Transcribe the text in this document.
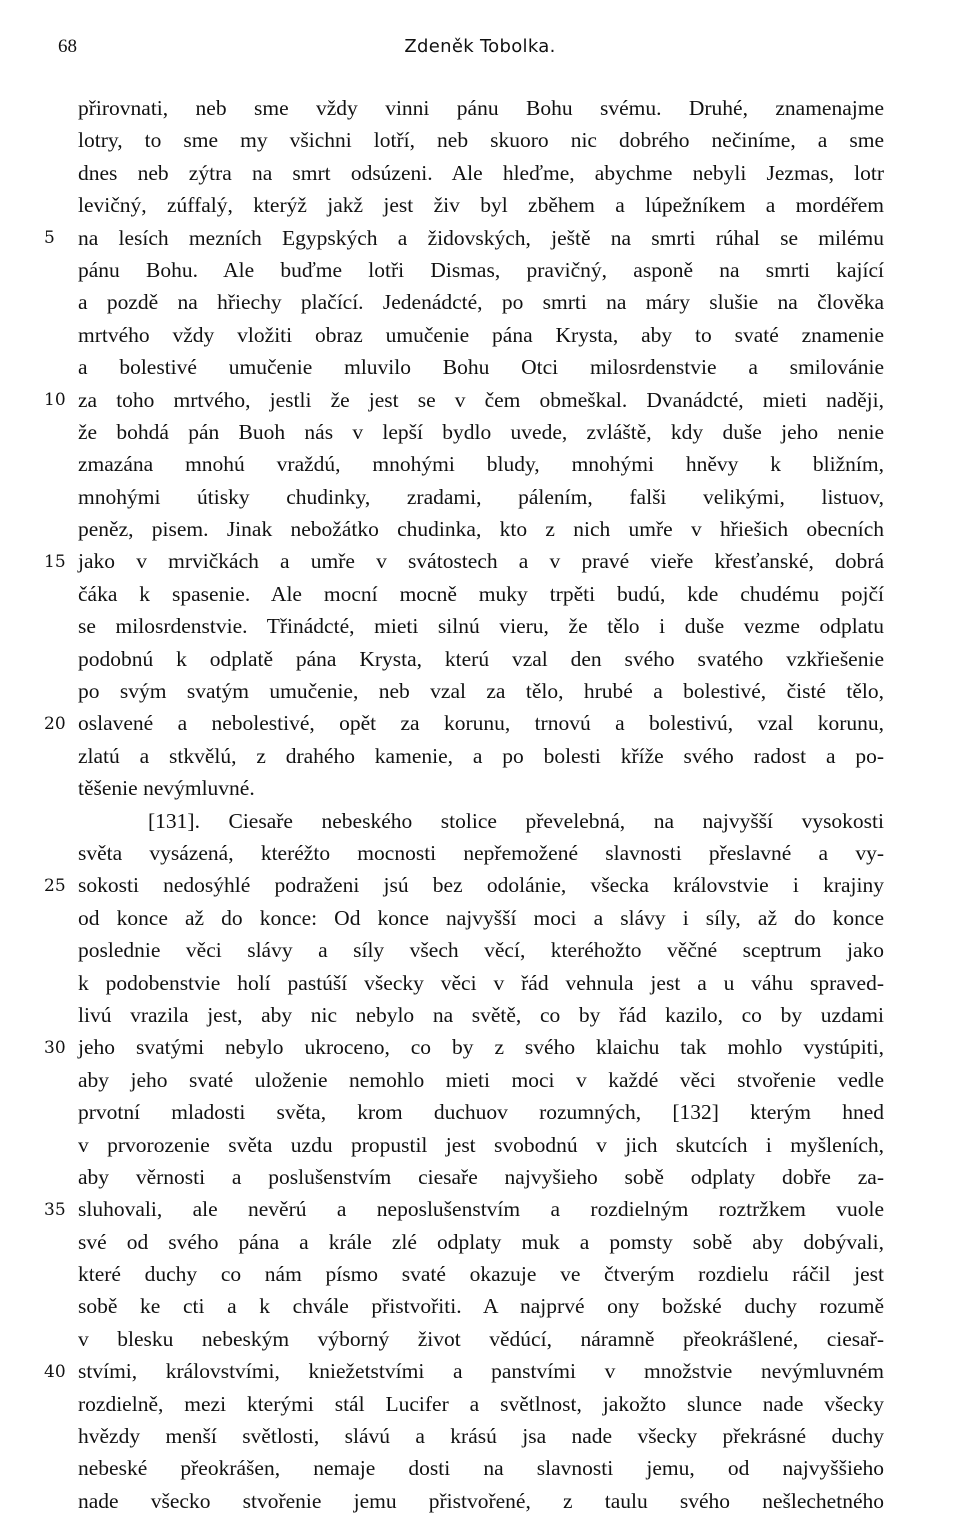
68	Zdeněk Tobolka.
přirovnati, neb sme vždy vinni pánu Bohu svému. Druhé, znamenajme
lotry, to sme my všichni lotří, neb skuoro nic dobrého nečiníme, a sme
dnes neb zýtra na smrt odsúzeni. Ale hleďme, abychme nebyli Jezmas, lotr
levičný, zúffalý, kterýž jakž jest živ byl zběhem a lúpežníkem a mordéřem
na lesích mezních Egypských a židovských, ještě na smrti rúhal se milému
pánu Bohu. Ale buďme lotři Dismas, pravičný, asponě na smrti kající
a pozdě na hřiechy plačící. Jedenádcté, po smrti na máry slušie na člověka
mrtvého vždy vložiti obraz umučenie pána Krysta, aby to svaté znamenie
a bolestivé umučenie mluvilo Bohu Otci milosrdenstvie a smilovánie
za toho mrtvého, jestli že jest se v čem obmeškal. Dvanádcté, mieti naději,
že bohdá pán Buoh nás v lepší bydlo uvede, zvláště, kdy duše jeho nenie
zmazána mnohú vraždú, mnohými bludy, mnohými hněvy k bližním,
mnohými útisky chudinky, zradami, pálením, falši velikými, listuov,
peněz, pisem. Jinak nebožátko chudinka, kto z nich umře v hřiešich obecních
jako v mrvičkách a umře v svátostech a v pravé vieře křesťanské, dobrá
čáka k spasenie. Ale mocní mocně muky trpěti budú, kde chudému pojčí
se milosrdenstvie. Třinádcté, mieti silnú vieru, že tělo i duše vezme odplatu
podobnú k odplatě pána Krysta, kterú vzal den svého svatého vzkřiešenie
po svým svatým umučenie, neb vzal za tělo, hrubé a bolestivé, čisté tělo,
oslavené a nebolestivé, opět za korunu, trnovú a bolestivú, vzal korunu,
zlatú a stkvělú, z drahého kamenie, a po bolesti kříže svého radost a po-
těšenie nevýmluvné.
[131]. Ciesaře nebeského stolice převelebná, na najvyšší vysokosti
světa vysázená, kteréžto mocnosti nepřemožené slavnosti přeslavné a vy-
sokosti nedosýhlé podraženi jsú bez odolánie, všecka královstvie i krajiny
od konce až do konce: Od konce najvyšší moci a slávy i síly, až do konce
poslednie věci slávy a síly všech věcí, kteréhožto věčné sceptrum jako
k podobenstvie holí pastúší všecky věci v řád vehnula jest a u váhu spraved-
livú vrazila jest, aby nic nebylo na světě, co by řád kazilo, co by uzdami
jeho svatými nebylo ukroceno, co by z svého klaichu tak mohlo vystúpiti,
aby jeho svaté uloženie nemohlo mieti moci v každé věci stvořenie vedle
prvotní mladosti světa, krom duchuov rozumných, [132] kterým hned
v prvorozenie světa uzdu propustil jest svobodnú v jich skutcích i myšleních,
aby věrnosti a poslušenstvím ciesaře najvyšieho sobě odplaty dobře za-
sluhovali, ale nevěrú a neposlušenstvím a rozdielným roztržkem vuole
své od svého pána a krále zlé odplaty muk a pomsty sobě aby dobývali,
které duchy co nám písmo svaté okazuje ve čtverým rozdielu ráčil jest
sobě ke cti a k chvále přistvořiti. A najprvé ony božské duchy rozumě
v blesku nebeským výborný život vědúcí, náramně přeokrášlené, ciesař-
stvími, královstvími, kniežetstvími a panstvími v množstvie nevýmluvném
rozdielně, mezi kterými stál Lucifer a světlnost, jakožto slunce nade všecky
hvězdy menší světlosti, slávú a krású jsa nade všecky překrásné duchy
nebeské přeokrášen, nemaje dosti na slavnosti jemu, od najvyššieho
nade všecko stvořenie jemu přistvořené, z taulu svého nešlechetného
5
10
15
20
25
30
35
40
